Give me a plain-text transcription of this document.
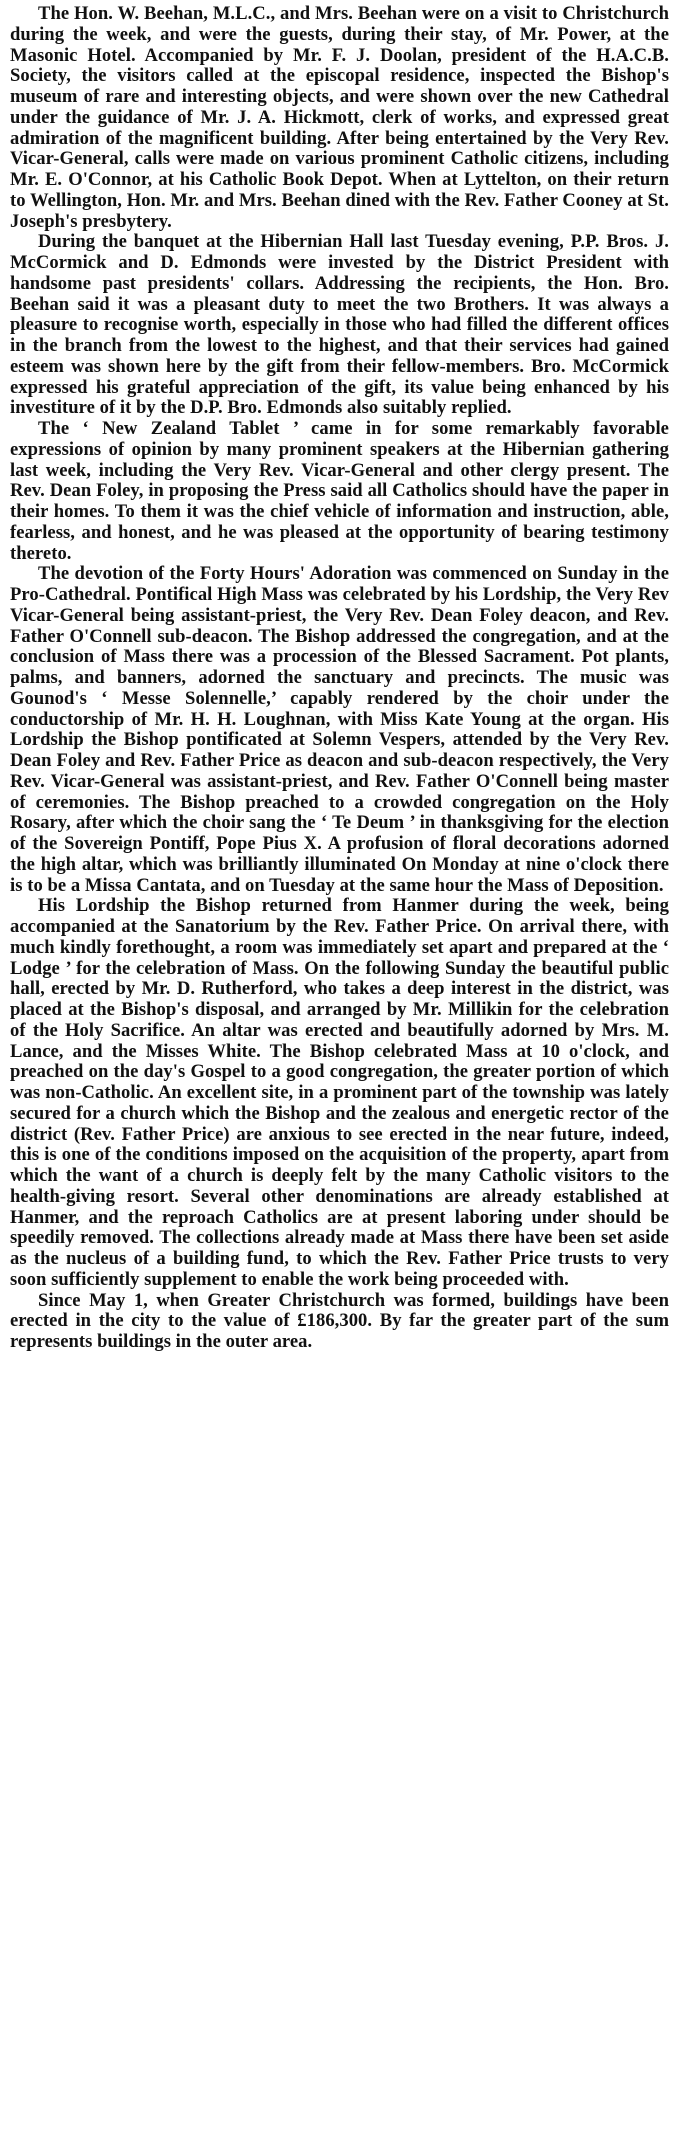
The Hon. W. Beehan, M.L.C., and Mrs. Beehan were on a visit to Christchurch during the week, and were the guests, during their stay, of Mr. Power, at the Masonic Hotel. Accompanied by Mr. F. J. Doolan, president of the H.A.C.B. Society, the visitors called at the episcopal residence, inspected the Bishop's museum of rare and interesting objects, and were shown over the new Cathedral under the guidance of Mr. J. A. Hickmott, clerk of works, and expressed great admiration of the magnificent building. After being entertained by the Very Rev. Vicar-General, calls were made on various prominent Catholic citizens, including Mr. E. O'Connor, at his Catholic Book Depot. When at Lyttelton, on their return to Wellington, Hon. Mr. and Mrs. Beehan dined with the Rev. Father Cooney at St. Joseph's presbytery.

During the banquet at the Hibernian Hall last Tuesday evening, P.P. Bros. J. McCormick and D. Edmonds were invested by the District President with handsome past presidents' collars. Addressing the recipients, the Hon. Bro. Beehan said it was a pleasant duty to meet the two Brothers. It was always a pleasure to recognise worth, especially in those who had filled the different offices in the branch from the lowest to the highest, and that their services had gained esteem was shown here by the gift from their fellow-members. Bro. McCormick expressed his grateful appreciation of the gift, its value being enhanced by his investiture of it by the D.P. Bro. Edmonds also suitably replied.

The ‘ New Zealand Tablet ’ came in for some remarkably favorable expressions of opinion by many prominent speakers at the Hibernian gathering last week, including the Very Rev. Vicar-General and other clergy present. The Rev. Dean Foley, in proposing the Press said all Catholics should have the paper in their homes. To them it was the chief vehicle of information and instruction, able, fearless, and honest, and he was pleased at the opportunity of bearing testimony thereto.

The devotion of the Forty Hours' Adoration was commenced on Sunday in the Pro-Cathedral. Pontifical High Mass was celebrated by his Lordship, the Very Rev Vicar-General being assistant-priest, the Very Rev. Dean Foley deacon, and Rev. Father O'Connell sub-deacon. The Bishop addressed the congregation, and at the conclusion of Mass there was a procession of the Blessed Sacrament. Pot plants, palms, and banners, adorned the sanctuary and precincts. The music was Gounod's ‘ Messe Solennelle,’ capably rendered by the choir under the conductorship of Mr. H. H. Loughnan, with Miss Kate Young at the organ. His Lordship the Bishop pontificated at Solemn Vespers, attended by the Very Rev. Dean Foley and Rev. Father Price as deacon and sub-deacon respectively, the Very Rev. Vicar-General was assistant-priest, and Rev. Father O'Connell being master of ceremonies. The Bishop preached to a crowded congregation on the Holy Rosary, after which the choir sang the ‘ Te Deum ’ in thanksgiving for the election of the Sovereign Pontiff, Pope Pius X. A profusion of floral decorations adorned the high altar, which was brilliantly illuminated On Monday at nine o'clock there is to be a Missa Cantata, and on Tuesday at the same hour the Mass of Deposition.

His Lordship the Bishop returned from Hanmer during the week, being accompanied at the Sanatorium by the Rev. Father Price. On arrival there, with much kindly forethought, a room was immediately set apart and prepared at the ‘ Lodge ’ for the celebration of Mass. On the following Sunday the beautiful public hall, erected by Mr. D. Rutherford, who takes a deep interest in the district, was placed at the Bishop's disposal, and arranged by Mr. Millikin for the celebration of the Holy Sacrifice. An altar was erected and beautifully adorned by Mrs. M. Lance, and the Misses White. The Bishop celebrated Mass at 10 o'clock, and preached on the day's Gospel to a good congregation, the greater portion of which was non-Catholic. An excellent site, in a prominent part of the township was lately secured for a church which the Bishop and the zealous and energetic rector of the district (Rev. Father Price) are anxious to see erected in the near future, indeed, this is one of the conditions imposed on the acquisition of the property, apart from which the want of a church is deeply felt by the many Catholic visitors to the health-giving resort. Several other denominations are already established at Hanmer, and the reproach Catholics are at present laboring under should be speedily removed. The collections already made at Mass there have been set aside as the nucleus of a building fund, to which the Rev. Father Price trusts to very soon sufficiently supplement to enable the work being proceeded with.

Since May 1, when Greater Christchurch was formed, buildings have been erected in the city to the value of £186,300. By far the greater part of the sum represents buildings in the outer area.
